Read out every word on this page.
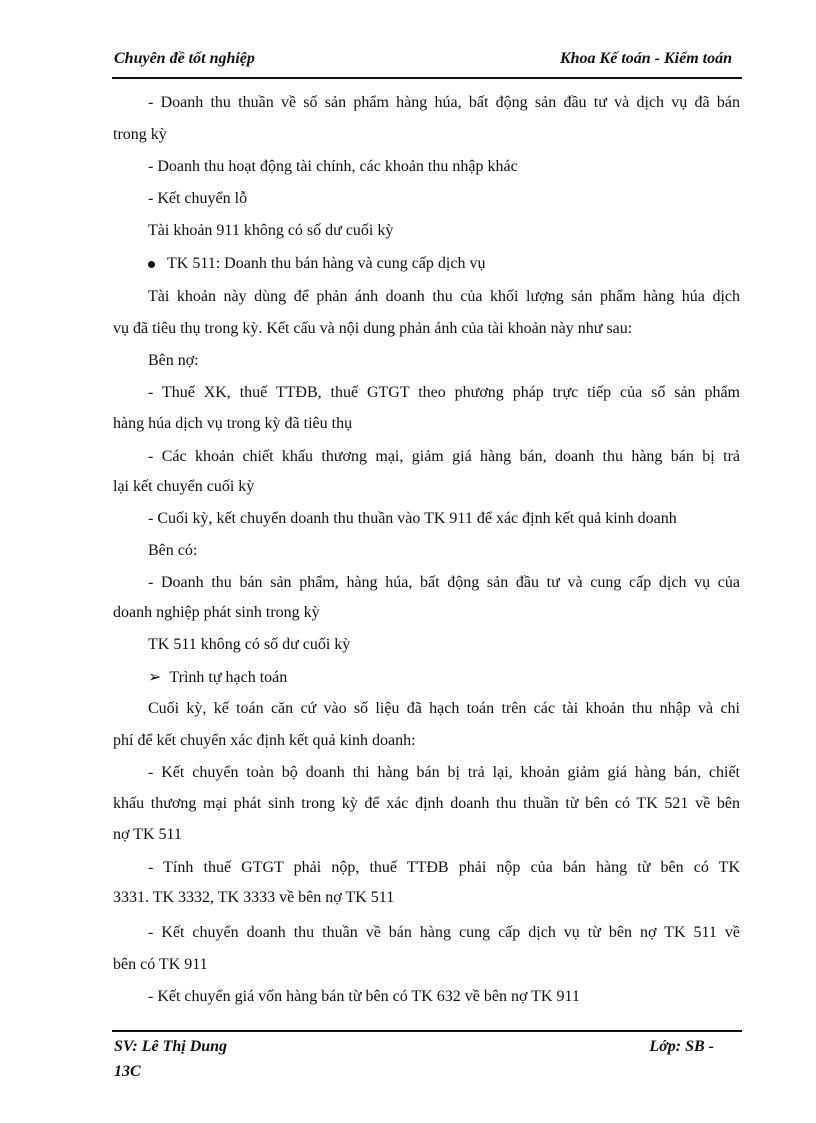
Chuyên đề tốt nghiệp	Khoa Kế toán - Kiểm toán
- Doanh thu thuần về số sản phẩm hàng húa, bất động sản đầu tư và dịch vụ đã bán
trong kỳ
- Doanh thu hoạt động tài chính, các khoản thu nhập khác
- Kết chuyển lỗ
Tài khoản 911 không có số dư cuối kỳ
TK 511: Doanh thu bán hàng và cung cấp dịch vụ
Tài khoản này dùng để phản ánh doanh thu của khối lượng sản phẩm hàng húa dịch
vụ đã tiêu thụ trong kỳ. Kết cấu và nội dung phản ánh của tài khoản này như sau:
Bên nợ:
- Thuế XK, thuế TTĐB, thuế GTGT theo phương pháp trực tiếp của số sản phẩm
hàng húa dịch vụ trong kỳ đã tiêu thụ
- Các khoản chiết khấu thương mại, giảm giá hàng bán, doanh thu hàng bán bị trả
lại kết chuyển cuối kỳ
- Cuối kỳ, kết chuyển doanh thu thuần vào TK 911 để xác định kết quả kinh doanh
Bên có:
- Doanh thu bán sản phẩm, hàng húa, bất động sản đầu tư và cung cấp dịch vụ của
doanh nghiệp phát sinh trong kỳ
TK 511 không có số dư cuối kỳ
➢ Trình tự hạch toán
Cuối kỳ, kế toán căn cứ vào số liệu đã hạch toán trên các tài khoản thu nhập và chi
phí để kết chuyển xác định kết quả kinh doanh:
- Kết chuyển toàn bộ doanh thi hàng bán bị trả lại, khoản giảm giá hàng bán, chiết
khấu thương mại phát sinh trong kỳ để xác định doanh thu thuần từ bên có TK 521 về bên
nợ TK 511
- Tính thuế GTGT phải nộp, thuế TTĐB phải nộp của bán hàng từ bên có TK
3331. TK 3332, TK 3333 về bên nợ TK 511
- Kết chuyển doanh thu thuần về bán hàng cung cấp dịch vụ từ bên nợ TK 511 về
bên có TK 911
- Kết chuyển giá vốn hàng bán từ bên có TK 632 về bên nợ TK 911
SV: Lê Thị Dung
13C
Lớp: SB -
